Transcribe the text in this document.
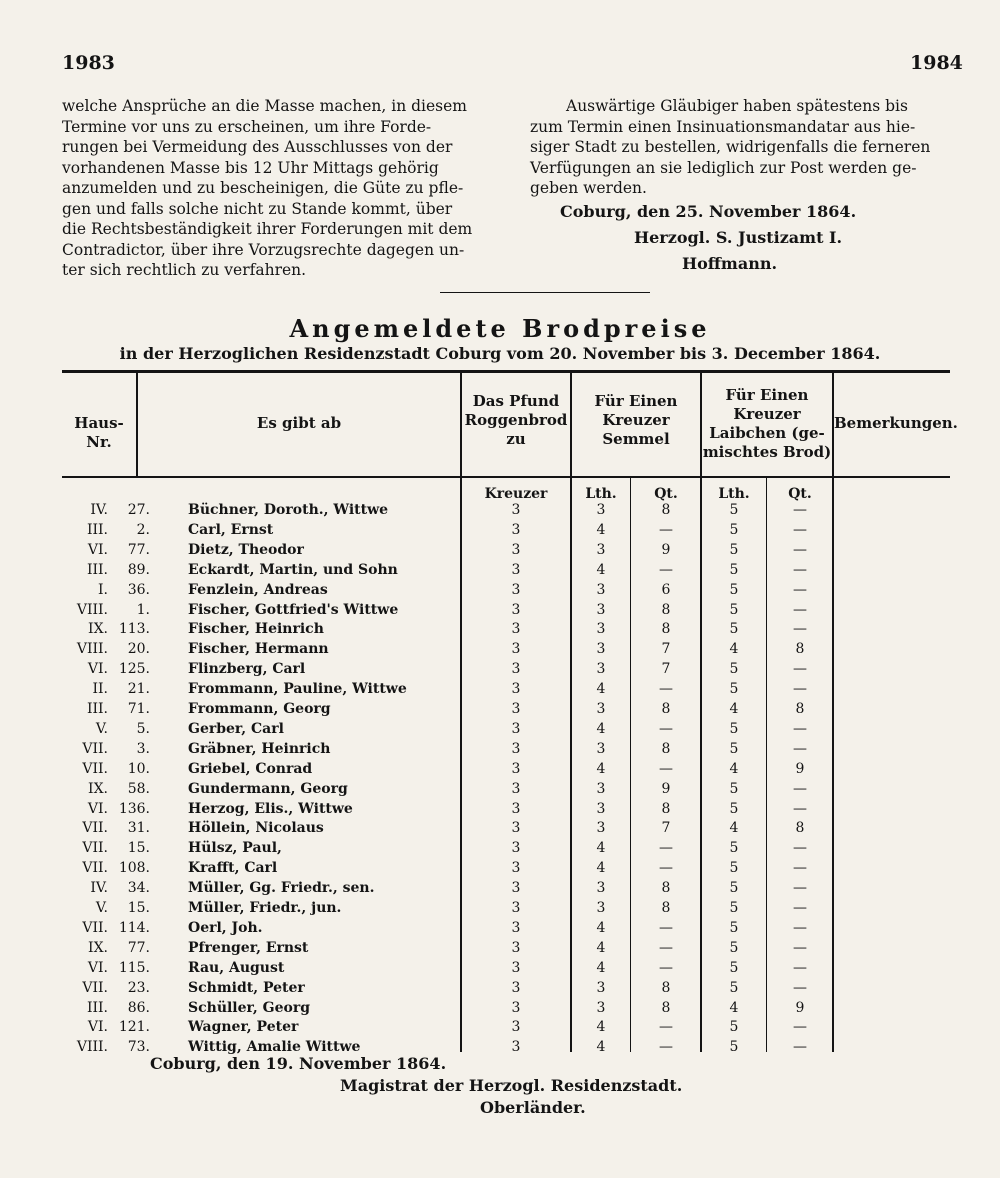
1983	1984

welche Ansprüche an die Masse machen, in diesem

Termine vor uns zu erscheinen, um ihre Forde-

rungen bei Vermeidung des Ausschlusses von der

vorhandenen Masse bis 12 Uhr Mittags gehörig

anzumelden und zu bescheinigen, die Güte zu pfle-

gen und falls solche nicht zu Stande kommt, über

die Rechtsbeständigkeit ihrer Forderungen mit dem

Contradictor, über ihre Vorzugsrechte dagegen un-

ter sich rechtlich zu verfahren.

Auswärtige Gläubiger haben spätestens bis

zum Termin einen Insinuationsmandatar aus hie-

siger Stadt zu bestellen, widrigenfalls die ferneren

Verfügungen an sie lediglich zur Post werden ge-

geben werden.

Coburg, den 25. November 1864.
Herzogl. S. Justizamt I.
Hoffmann.
Angemeldete Brodpreise
in der Herzoglichen Residenzstadt Coburg vom 20. November bis 3. December 1864.
Haus-Nr.
Es gibt ab
Das Pfund
Roggenbrod
zu
Für Einen
Kreuzer
Semmel
Für Einen
Kreuzer
Laibchen (ge-
mischtes Brod)
Bemerkungen.
Kreuzer	Lth.	Qt.	Lth.	Qt.
IV.	27.	Büchner, Doroth., Wittwe	3	3	8	5	—
III.	2.	Carl, Ernst	3	4	—	5	—
VI.	77.	Dietz, Theodor	3	3	9	5	—
III.	89.	Eckardt, Martin, und Sohn	3	4	—	5	—
I.	36.	Fenzlein, Andreas	3	3	6	5	—
VIII.	1.	Fischer, Gottfried's Wittwe	3	3	8	5	—
IX. 113.	Fischer, Heinrich	3	3	8	5	—
VIII.	20.	Fischer, Hermann	3	3	7	4	8
VI. 125.	Flinzberg, Carl	3	3	7	5	—
II.	21.	Frommann, Pauline, Wittwe	3	4	—	5	—
III.	71.	Frommann, Georg	3	3	8	4	8
V.	5.	Gerber, Carl	3	4	—	5	—
VII.	3.	Gräbner, Heinrich	3	3	8	5	—
VII.	10.	Griebel, Conrad	3	4	—	4	9
IX.	58.	Gundermann, Georg	3	3	9	5	—
VI. 136.	Herzog, Elis., Wittwe	3	3	8	5	—
VII.	31.	Höllein, Nicolaus	3	3	7	4	8
VII.	15.	Hülsz, Paul,	3	4	—	5	—
VII. 108.	Krafft, Carl	3	4	—	5	—
IV.	34.	Müller, Gg. Friedr., sen.	3	3	8	5	—
V.	15.	Müller, Friedr., jun.	3	3	8	5	—
VII. 114.	Oerl, Joh.	3	4	—	5	—
IX.	77.	Pfrenger, Ernst	3	4	—	5	—
VI. 115.	Rau, August	3	4	—	5	—
VII.	23.	Schmidt, Peter	3	3	8	5	—
III.	86.	Schüller, Georg	3	3	8	4	9
VI. 121.	Wagner, Peter	3	4	—	5	—
VIII.	73.	Wittig, Amalie Wittwe	3	4	—	5	—
Coburg, den 19. November 1864.
Magistrat der Herzogl. Residenzstadt.
Oberländer.
